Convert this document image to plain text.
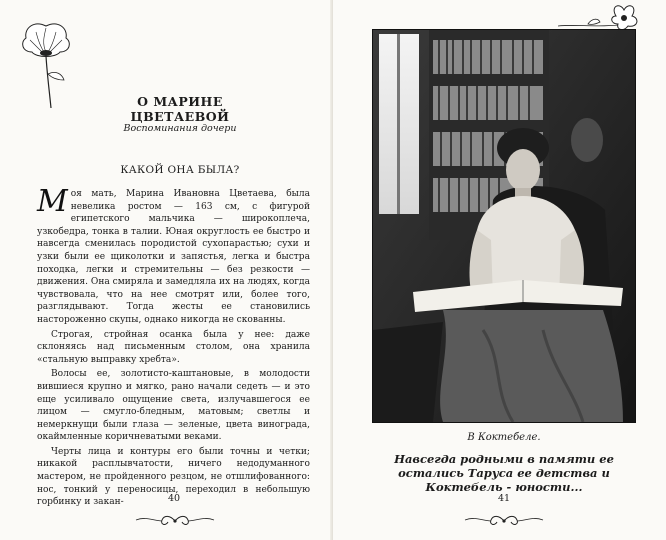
О МАРИНЕ ЦВЕТАЕВОЙ
Воспоминания дочери
КАКОЙ ОНА БЫЛА?

Моя мать, Марина Ивановна Цветаева, была невелика ростом — 163 см, с фигурой египетского мальчика — широкоплеча, узкобедра, тонка в талии. Юная округлость ее быстро и навсегда сменилась породистой сухопарастью; сухи и узки были ее щиколотки и запястья, легка и быстра походка, легки и стремительны — без резкости — движения. Она смиряла и замедляла их на людях, когда чувствовала, что на нее смотрят или, более того, разглядывают. Тогда жесты ее становились настороженно скупы, однако никогда не скованны.

Строгая, стройная осанка была у нее: даже склоняясь над письменным столом, она хранила «стальную выправку хребта».

Волосы ее, золотисто-каштановые, в молодости вившиеся крупно и мягко, рано начали седеть — и это еще усиливало ощущение света, излучавшегося ее лицом — смугло-бледным, матовым; светлы и немеркнущи были глаза — зеленые, цвета винограда, окаймленные коричневатыми веками.

Черты лица и контуры его были точны и четки; никакой расплывчатости, ничего недодуманного мастером, не пройденного резцом, не отшлифованного: нос, тонкий у переносицы, переходил в небольшую горбинку и закан-	40
В Коктебеле.
Навсегда родными в памяти ее остались Таруса ее детства и Коктебель - юности...
41
